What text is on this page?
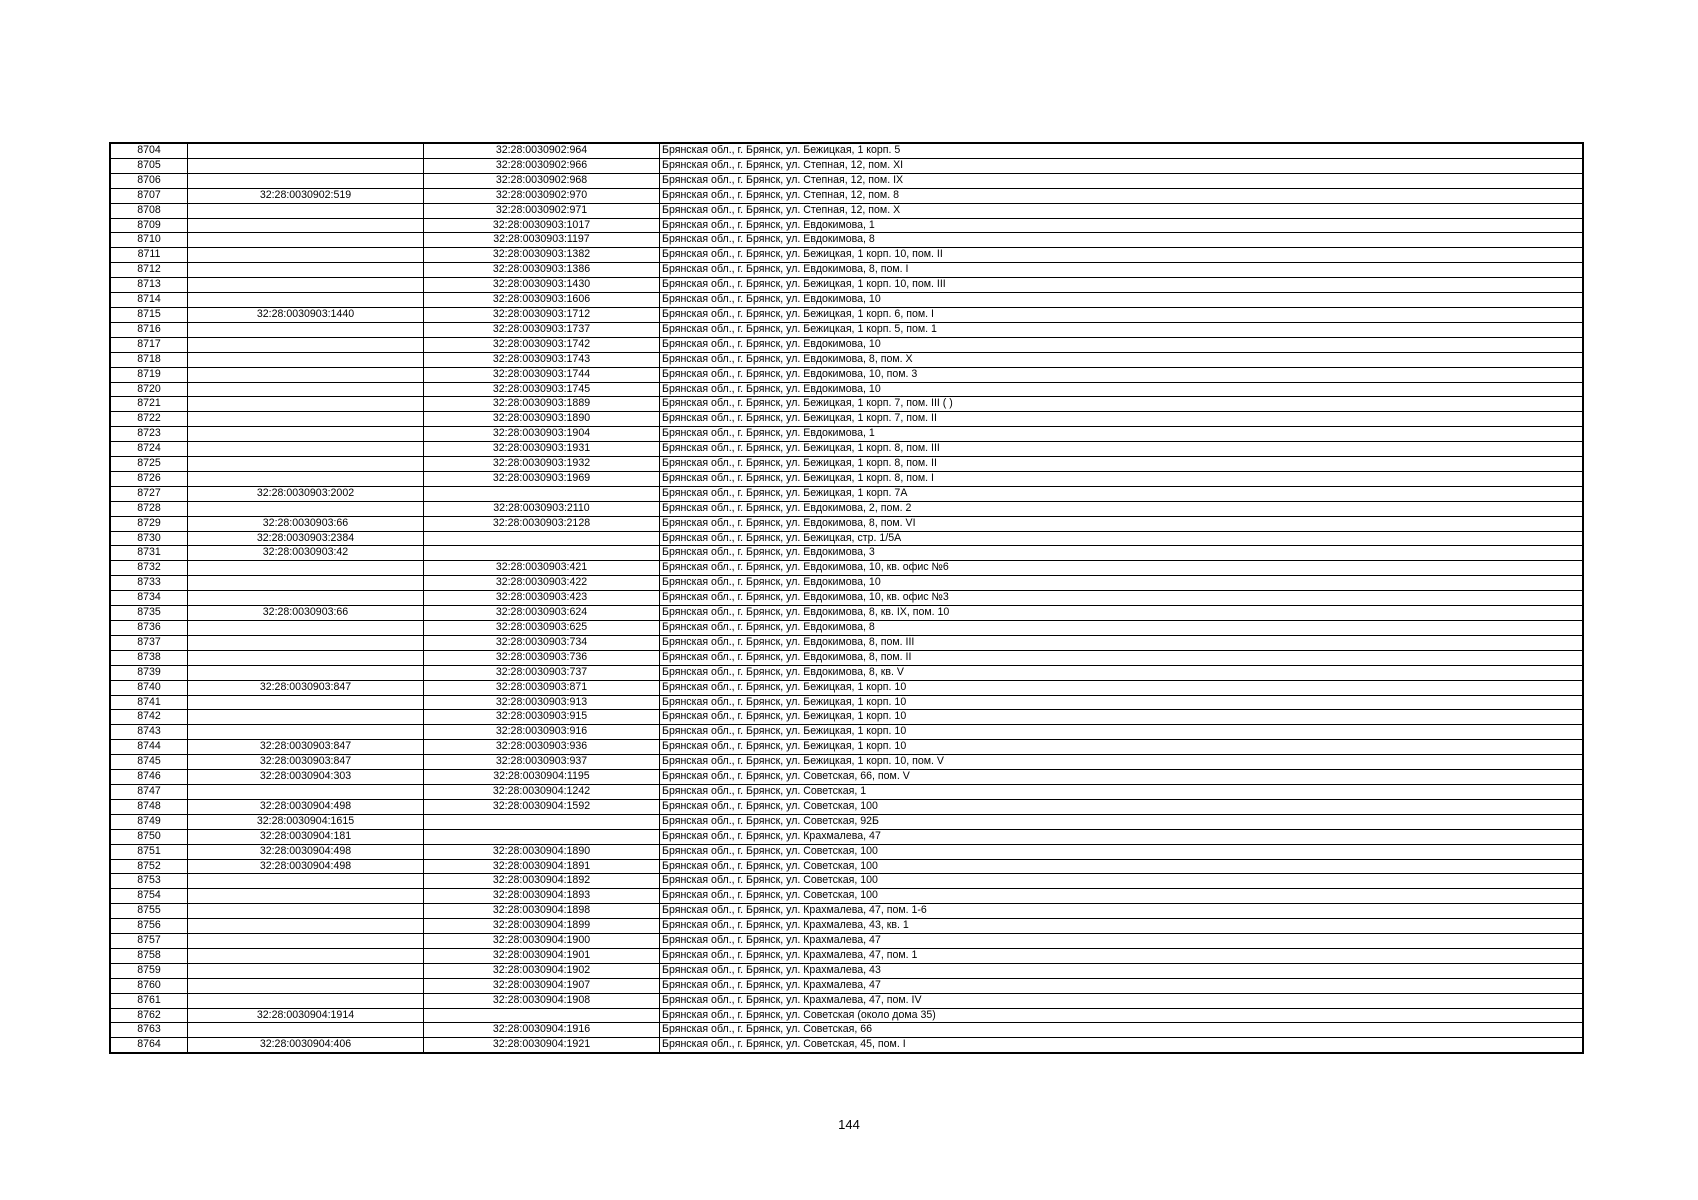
8704		32:28:0030902:964	Брянская обл., г. Брянск, ул. Бежицкая, 1 корп. 5
8705		32:28:0030902:966	Брянская обл., г. Брянск, ул. Степная, 12, пом. XI
8706		32:28:0030902:968	Брянская обл., г. Брянск, ул. Степная, 12, пом. IX
8707	32:28:0030902:519	32:28:0030902:970	Брянская обл., г. Брянск, ул. Степная, 12, пом. 8
8708		32:28:0030902:971	Брянская обл., г. Брянск, ул. Степная, 12, пом. X
8709		32:28:0030903:1017	Брянская обл., г. Брянск, ул. Евдокимова, 1
8710		32:28:0030903:1197	Брянская обл., г. Брянск, ул. Евдокимова, 8
8711		32:28:0030903:1382	Брянская обл., г. Брянск, ул. Бежицкая, 1 корп. 10, пом. II
8712		32:28:0030903:1386	Брянская обл., г. Брянск, ул. Евдокимова, 8, пом. I
8713		32:28:0030903:1430	Брянская обл., г. Брянск, ул. Бежицкая, 1 корп. 10, пом. III
8714		32:28:0030903:1606	Брянская обл., г. Брянск, ул. Евдокимова, 10
8715	32:28:0030903:1440	32:28:0030903:1712	Брянская обл., г. Брянск, ул. Бежицкая, 1 корп. 6, пом. I
8716		32:28:0030903:1737	Брянская обл., г. Брянск, ул. Бежицкая, 1 корп. 5, пом. 1
8717		32:28:0030903:1742	Брянская обл., г. Брянск, ул. Евдокимова, 10
8718		32:28:0030903:1743	Брянская обл., г. Брянск, ул. Евдокимова, 8, пом. X
8719		32:28:0030903:1744	Брянская обл., г. Брянск, ул. Евдокимова, 10, пом. 3
8720		32:28:0030903:1745	Брянская обл., г. Брянск, ул. Евдокимова, 10
8721		32:28:0030903:1889	Брянская обл., г. Брянск, ул. Бежицкая, 1 корп. 7, пом. III ( )
8722		32:28:0030903:1890	Брянская обл., г. Брянск, ул. Бежицкая, 1 корп. 7, пом. II
8723		32:28:0030903:1904	Брянская обл., г. Брянск, ул. Евдокимова, 1
8724		32:28:0030903:1931	Брянская обл., г. Брянск, ул. Бежицкая, 1 корп. 8, пом. III
8725		32:28:0030903:1932	Брянская обл., г. Брянск, ул. Бежицкая, 1 корп. 8, пом. II
8726		32:28:0030903:1969	Брянская обл., г. Брянск, ул. Бежицкая, 1 корп. 8, пом. I
8727	32:28:0030903:2002		Брянская обл., г. Брянск, ул. Бежицкая, 1 корп. 7А
8728		32:28:0030903:2110	Брянская обл., г. Брянск, ул. Евдокимова, 2, пом. 2
8729	32:28:0030903:66	32:28:0030903:2128	Брянская обл., г. Брянск, ул. Евдокимова, 8, пом. VI
8730	32:28:0030903:2384		Брянская обл., г. Брянск, ул. Бежицкая, стр. 1/5А
8731	32:28:0030903:42		Брянская обл., г. Брянск, ул. Евдокимова, 3
8732		32:28:0030903:421	Брянская обл., г. Брянск, ул. Евдокимова, 10, кв. офис №6
8733		32:28:0030903:422	Брянская обл., г. Брянск, ул. Евдокимова, 10
8734		32:28:0030903:423	Брянская обл., г. Брянск, ул. Евдокимова, 10, кв. офис №3
8735	32:28:0030903:66	32:28:0030903:624	Брянская обл., г. Брянск, ул. Евдокимова, 8, кв. IX, пом. 10
8736		32:28:0030903:625	Брянская обл., г. Брянск, ул. Евдокимова, 8
8737		32:28:0030903:734	Брянская обл., г. Брянск, ул. Евдокимова, 8, пом. III
8738		32:28:0030903:736	Брянская обл., г. Брянск, ул. Евдокимова, 8, пом. II
8739		32:28:0030903:737	Брянская обл., г. Брянск, ул. Евдокимова, 8, кв. V
8740	32:28:0030903:847	32:28:0030903:871	Брянская обл., г. Брянск, ул. Бежицкая, 1 корп. 10
8741		32:28:0030903:913	Брянская обл., г. Брянск, ул. Бежицкая, 1 корп. 10
8742		32:28:0030903:915	Брянская обл., г. Брянск, ул. Бежицкая, 1 корп. 10
8743		32:28:0030903:916	Брянская обл., г. Брянск, ул. Бежицкая, 1 корп. 10
8744	32:28:0030903:847	32:28:0030903:936	Брянская обл., г. Брянск, ул. Бежицкая, 1 корп. 10
8745	32:28:0030903:847	32:28:0030903:937	Брянская обл., г. Брянск, ул. Бежицкая, 1 корп. 10, пом. V
8746	32:28:0030904:303	32:28:0030904:1195	Брянская обл., г. Брянск, ул. Советская, 66, пом. V
8747		32:28:0030904:1242	Брянская обл., г. Брянск, ул. Советская, 1
8748	32:28:0030904:498	32:28:0030904:1592	Брянская обл., г. Брянск, ул. Советская, 100
8749	32:28:0030904:1615		Брянская обл., г. Брянск, ул. Советская, 92Б
8750	32:28:0030904:181		Брянская обл., г. Брянск, ул. Крахмалева, 47
8751	32:28:0030904:498	32:28:0030904:1890	Брянская обл., г. Брянск, ул. Советская, 100
8752	32:28:0030904:498	32:28:0030904:1891	Брянская обл., г. Брянск, ул. Советская, 100
8753		32:28:0030904:1892	Брянская обл., г. Брянск, ул. Советская, 100
8754		32:28:0030904:1893	Брянская обл., г. Брянск, ул. Советская, 100
8755		32:28:0030904:1898	Брянская обл., г. Брянск, ул. Крахмалева, 47, пом. 1-6
8756		32:28:0030904:1899	Брянская обл., г. Брянск, ул. Крахмалева, 43, кв. 1
8757		32:28:0030904:1900	Брянская обл., г. Брянск, ул. Крахмалева, 47
8758		32:28:0030904:1901	Брянская обл., г. Брянск, ул. Крахмалева, 47, пом. 1
8759		32:28:0030904:1902	Брянская обл., г. Брянск, ул. Крахмалева, 43
8760		32:28:0030904:1907	Брянская обл., г. Брянск, ул. Крахмалева, 47
8761		32:28:0030904:1908	Брянская обл., г. Брянск, ул. Крахмалева, 47, пом. IV
8762	32:28:0030904:1914		Брянская обл., г. Брянск, ул. Советская (около дома 35)
8763		32:28:0030904:1916	Брянская обл., г. Брянск, ул. Советская, 66
8764	32:28:0030904:406	32:28:0030904:1921	Брянская обл., г. Брянск, ул. Советская, 45, пом. I
144
